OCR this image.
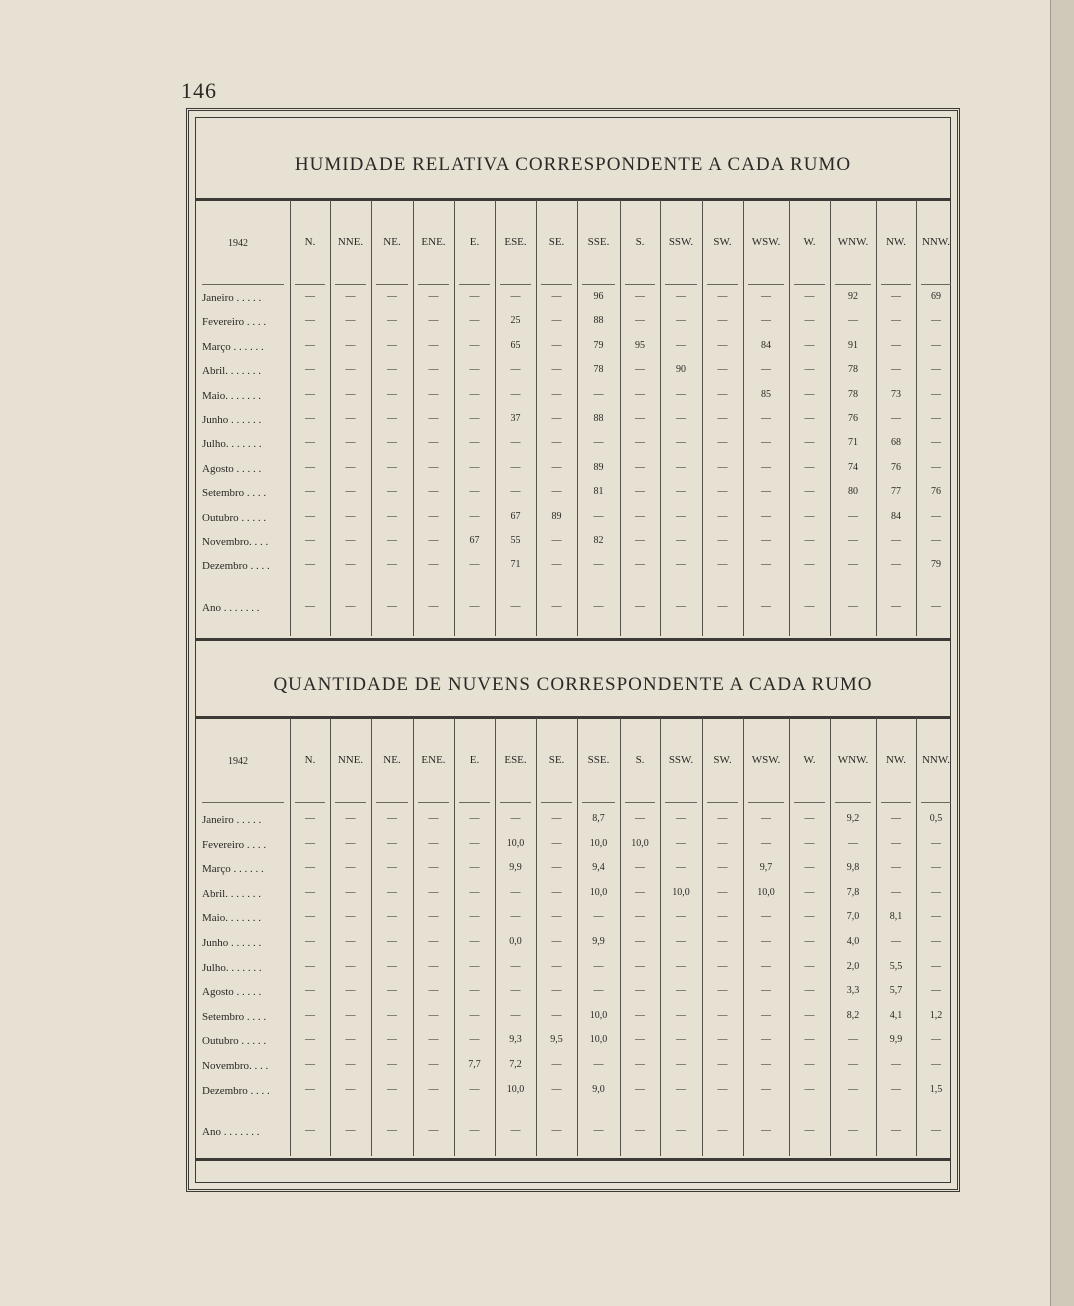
146
HUMIDADE RELATIVA CORRESPONDENTE A CADA RUMO
QUANTIDADE DE NUVENS CORRESPONDENTE A CADA RUMO
1942	N.	NNE.	NE.	ENE.	E.	ESE.	SE.	SSE.	S.	SSW.	SW.	WSW.	W.	WNW.	NW.	NNW.
Janeiro . . . . .	—	—	—	—	—	—	—	96	—	—	—	—	—	92	—	69
Fevereiro . . . .	—	—	—	—	—	25	—	88	—	—	—	—	—	—	—	—
Março . . . . . .	—	—	—	—	—	65	—	79	95	—	—	84	—	91	—	—
Abril. . . . . . .	—	—	—	—	—	—	—	78	—	90	—	—	—	78	—	—
Maio. . . . . . .	—	—	—	—	—	—	—	—	—	—	—	85	—	78	73	—
Junho . . . . . .	—	—	—	—	—	37	—	88	—	—	—	—	—	76	—	—
Julho. . . . . . .	—	—	—	—	—	—	—	—	—	—	—	—	—	71	68	—
Agosto . . . . .	—	—	—	—	—	—	—	89	—	—	—	—	—	74	76	—
Setembro . . . .	—	—	—	—	—	—	—	81	—	—	—	—	—	80	77	76
Outubro . . . . .	—	—	—	—	—	67	89	—	—	—	—	—	—	—	84	—
Novembro. . . .	—	—	—	—	67	55	—	82	—	—	—	—	—	—	—	—
Dezembro . . . .	—	—	—	—	—	71	—	—	—	—	—	—	—	—	—	79
Ano . . . . . . .	—	—	—	—	—	—	—	—	—	—	—	—	—	—	—	—
1942	N.	NNE.	NE.	ENE.	E.	ESE.	SE.	SSE.	S.	SSW.	SW.	WSW.	W.	WNW.	NW.	NNW.
Janeiro . . . . .	—	—	—	—	—	—	—	8,7	—	—	—	—	—	9,2	—	0,5
Fevereiro . . . .	—	—	—	—	—	10,0	—	10,0	10,0	—	—	—	—	—	—	—
Março . . . . . .	—	—	—	—	—	9,9	—	9,4	—	—	—	9,7	—	9,8	—	—
Abril. . . . . . .	—	—	—	—	—	—	—	10,0	—	10,0	—	10,0	—	7,8	—	—
Maio. . . . . . .	—	—	—	—	—	—	—	—	—	—	—	—	—	7,0	8,1	—
Junho . . . . . .	—	—	—	—	—	0,0	—	9,9	—	—	—	—	—	4,0	—	—
Julho. . . . . . .	—	—	—	—	—	—	—	—	—	—	—	—	—	2,0	5,5	—
Agosto . . . . .	—	—	—	—	—	—	—	—	—	—	—	—	—	3,3	5,7	—
Setembro . . . .	—	—	—	—	—	—	—	10,0	—	—	—	—	—	8,2	4,1	1,2
Outubro . . . . .	—	—	—	—	—	9,3	9,5	10,0	—	—	—	—	—	—	9,9	—
Novembro. . . .	—	—	—	—	7,7	7,2	—	—	—	—	—	—	—	—	—	—
Dezembro . . . .	—	—	—	—	—	10,0	—	9,0	—	—	—	—	—	—	—	1,5
Ano . . . . . . .	—	—	—	—	—	—	—	—	—	—	—	—	—	—	—	—
